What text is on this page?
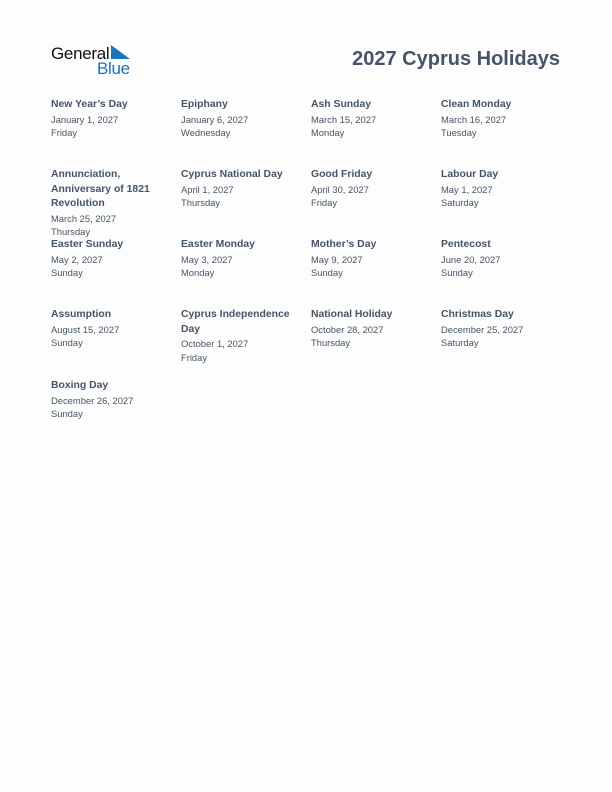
General
Blue	2027 Cyprus Holidays
New Year’s Day
January 1, 2027
Friday
Epiphany
January 6, 2027
Wednesday
Ash Sunday
March 15, 2027
Monday
Clean Monday
March 16, 2027
Tuesday
Annunciation, Anniversary of 1821 Revolution
March 25, 2027
Thursday
Cyprus National Day
April 1, 2027
Thursday
Good Friday
April 30, 2027
Friday
Labour Day
May 1, 2027
Saturday
Easter Sunday
May 2, 2027
Sunday
Easter Monday
May 3, 2027
Monday
Mother’s Day
May 9, 2027
Sunday
Pentecost
June 20, 2027
Sunday
Assumption
August 15, 2027
Sunday
Cyprus Independence Day
October 1, 2027
Friday
National Holiday
October 28, 2027
Thursday
Christmas Day
December 25, 2027
Saturday
Boxing Day
December 26, 2027
Sunday
